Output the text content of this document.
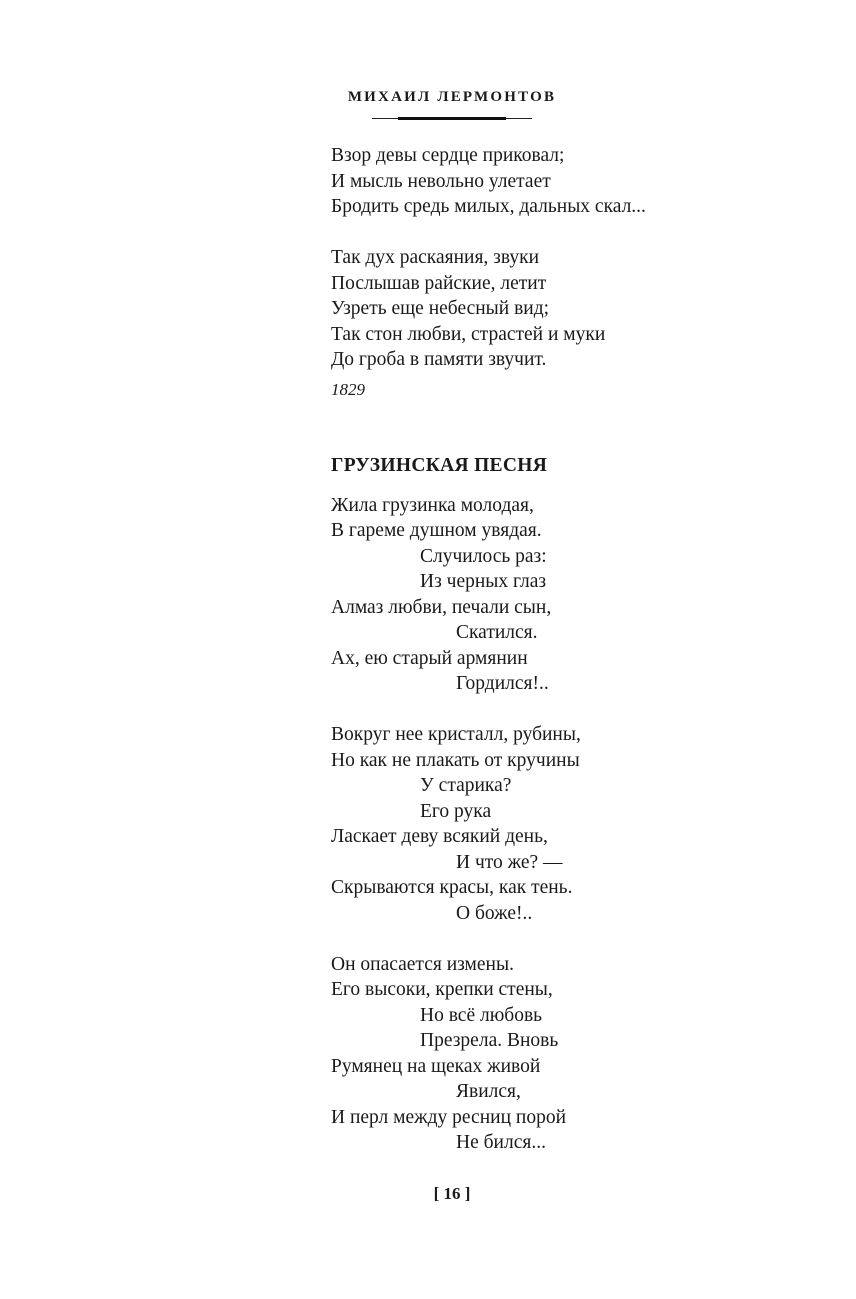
МИХАИЛ ЛЕРМОНТОВ
Взор девы сердце приковал;
И мысль невольно улетает
Бродить средь милых, дальных скал...
Так дух раскаяния, звуки
Послышав райские, летит
Узреть еще небесный вид;
Так стон любви, страстей и муки
До гроба в памяти звучит.
1829
ГРУЗИНСКАЯ ПЕСНЯ
Жила грузинка молодая,
В гареме душном увядая.
Случилось раз:
Из черных глаз
Алмаз любви, печали сын,
Скатился.
Ах, ею старый армянин
Гордился!..
Вокруг нее кристалл, рубины,
Но как не плакать от кручины
У старика?
Его рука
Ласкает деву всякий день,
И что же? —
Скрываются красы, как тень.
О боже!..
Он опасается измены.
Его высоки, крепки стены,
Но всё любовь
Презрела. Вновь
Румянец на щеках живой
Явился,
И перл между ресниц порой
Не бился...
[ 16 ]
